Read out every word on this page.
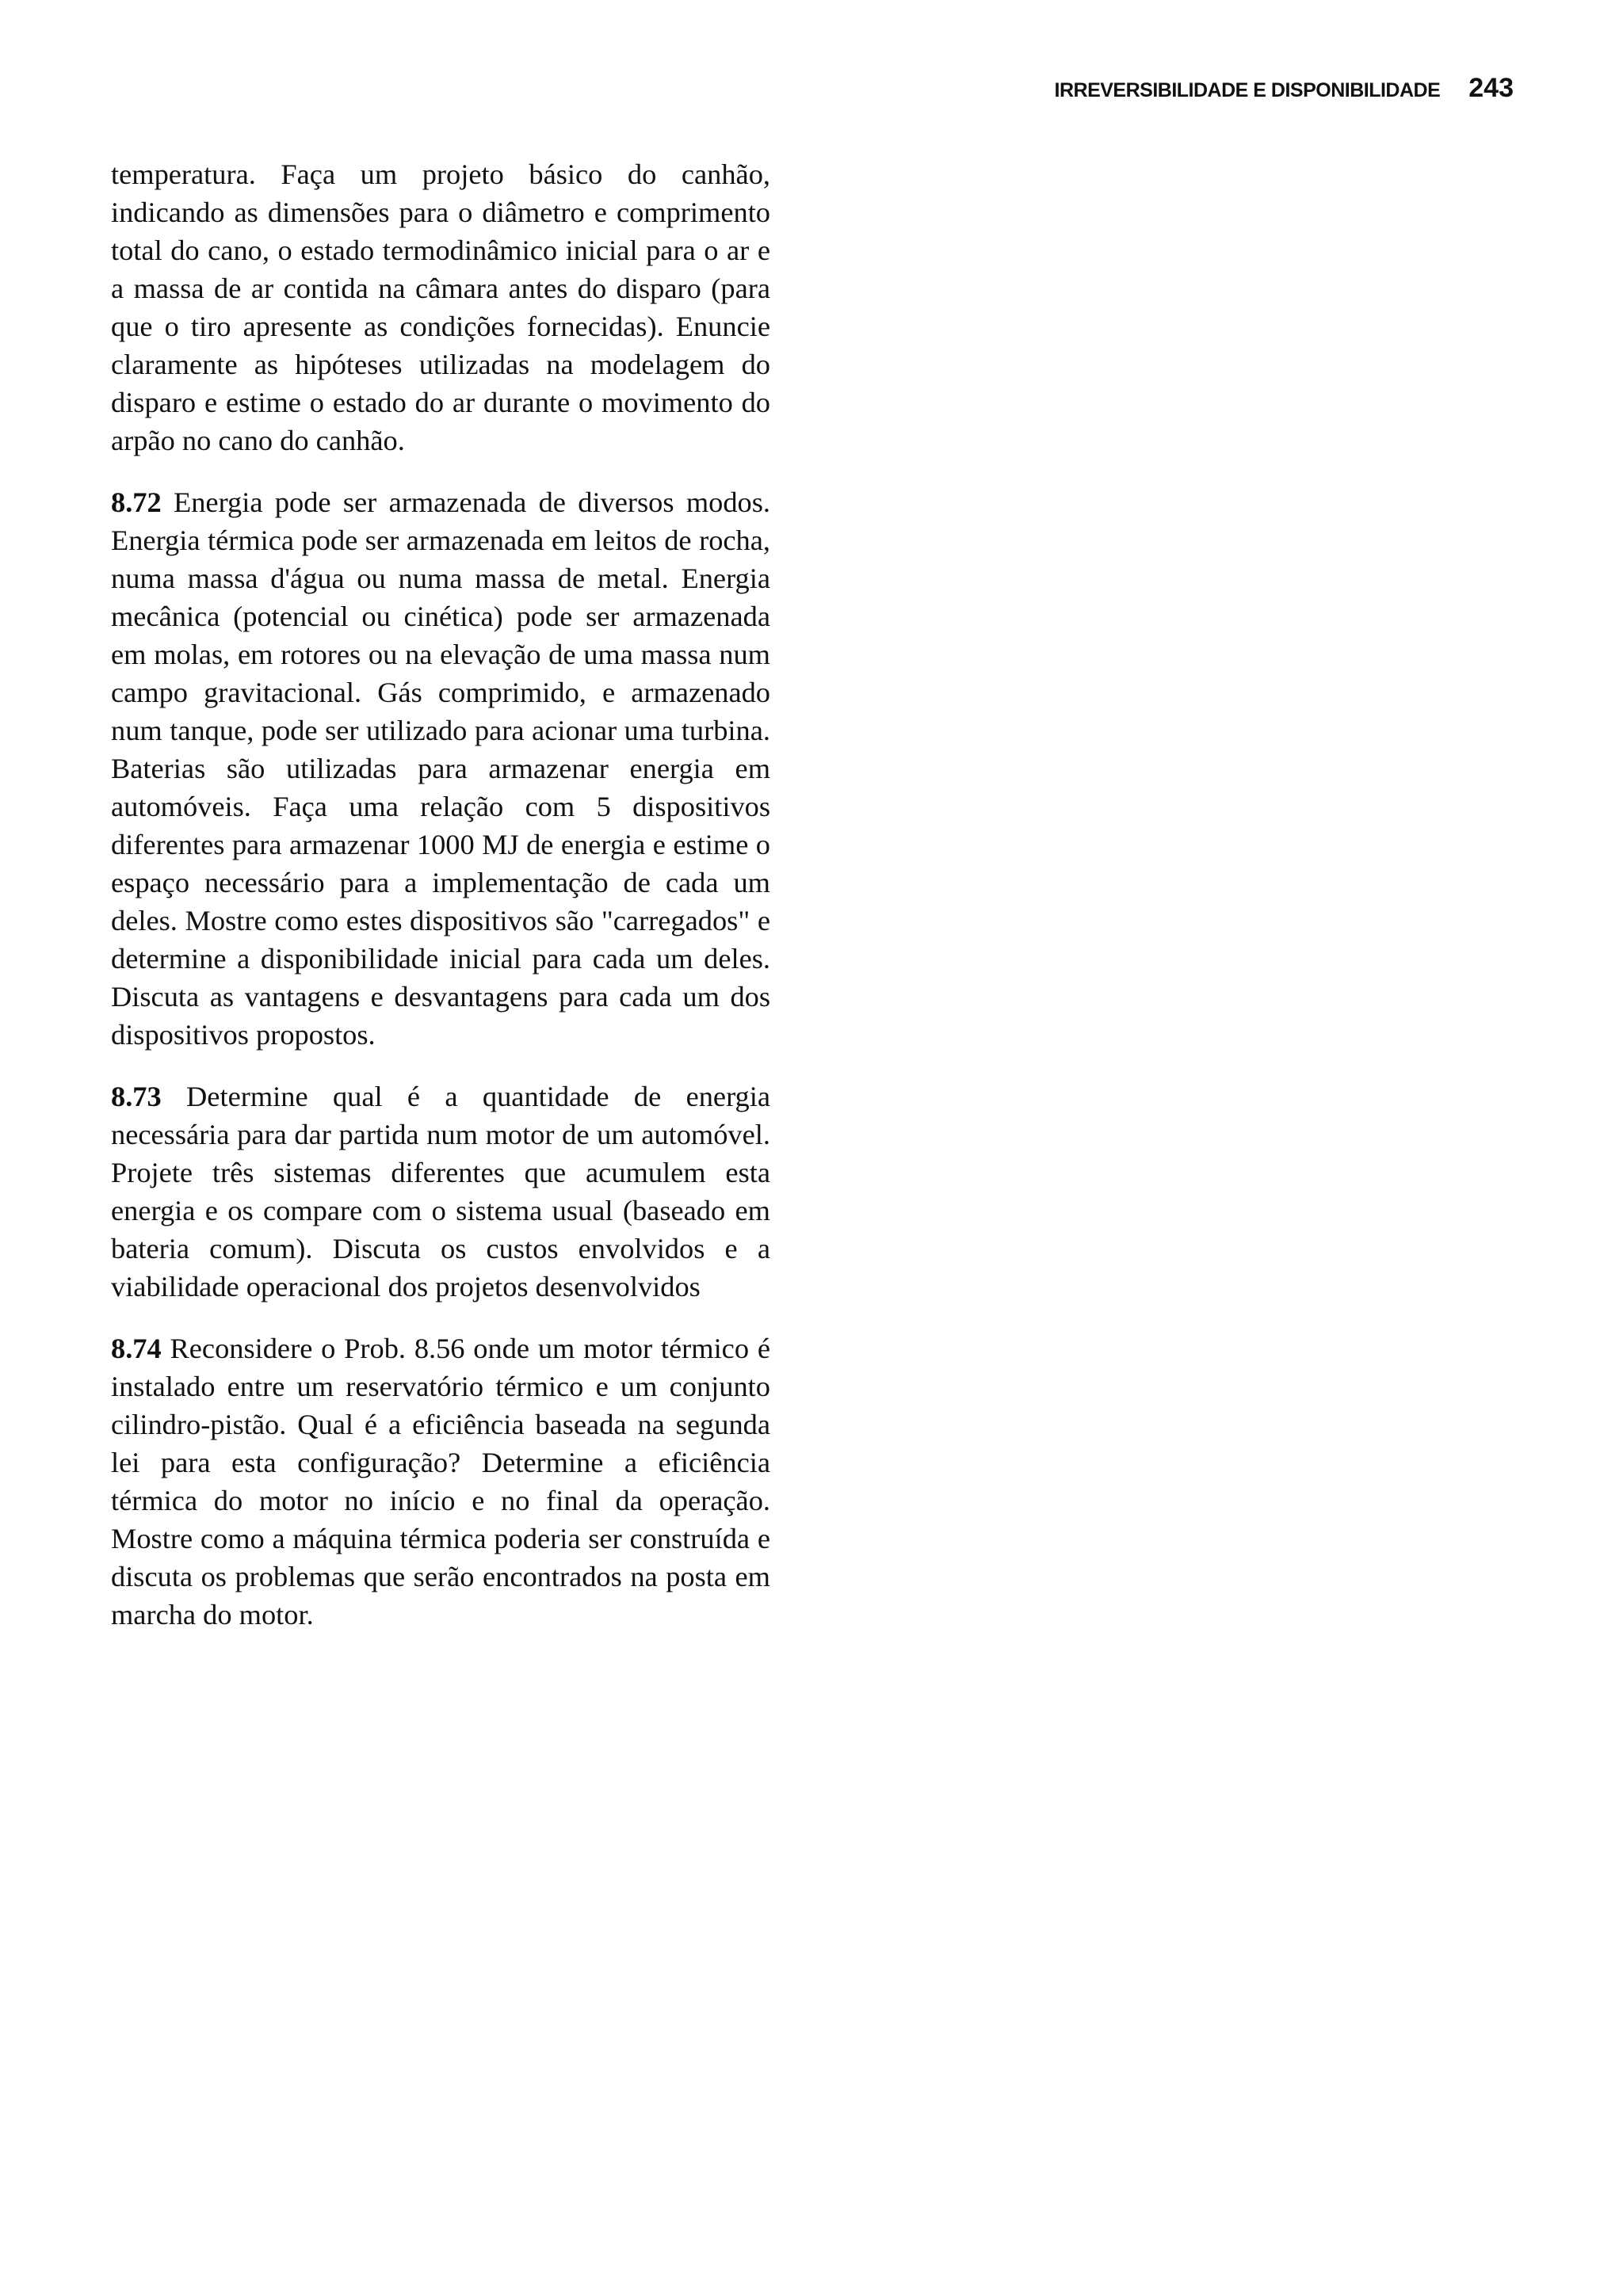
IRREVERSIBILIDADE E DISPONIBILIDADE 243

temperatura. Faça um projeto básico do canhão, indicando as dimensões para o diâmetro e comprimento total do cano, o estado termodinâmico inicial para o ar e a massa de ar contida na câmara antes do disparo (para que o tiro apresente as condições fornecidas). Enuncie claramente as hipóteses utilizadas na modelagem do disparo e estime o estado do ar durante o movimento do arpão no cano do canhão.

8.72 Energia pode ser armazenada de diversos modos. Energia térmica pode ser armazenada em leitos de rocha, numa massa d'água ou numa massa de metal. Energia mecânica (potencial ou cinética) pode ser armazenada em molas, em rotores ou na elevação de uma massa num campo gravitacional. Gás comprimido, e armazenado num tanque, pode ser utilizado para acionar uma turbina. Baterias são utilizadas para armazenar energia em automóveis. Faça uma relação com 5 dispositivos diferentes para armazenar 1000 MJ de energia e estime o espaço necessário para a implementação de cada um deles. Mostre como estes dispositivos são "carregados" e determine a disponibilidade inicial para cada um deles. Discuta as vantagens e desvantagens para cada um dos dispositivos propostos.

8.73 Determine qual é a quantidade de energia necessária para dar partida num motor de um automóvel. Projete três sistemas diferentes que acumulem esta energia e os compare com o sistema usual (baseado em bateria comum). Discuta os custos envolvidos e a viabilidade operacional dos projetos desenvolvidos

8.74 Reconsidere o Prob. 8.56 onde um motor térmico é instalado entre um reservatório térmico e um conjunto cilindro-pistão. Qual é a eficiência baseada na segunda lei para esta configuração? Determine a eficiência térmica do motor no início e no final da operação. Mostre como a máquina térmica poderia ser construída e discuta os problemas que serão encontrados na posta em marcha do motor.
